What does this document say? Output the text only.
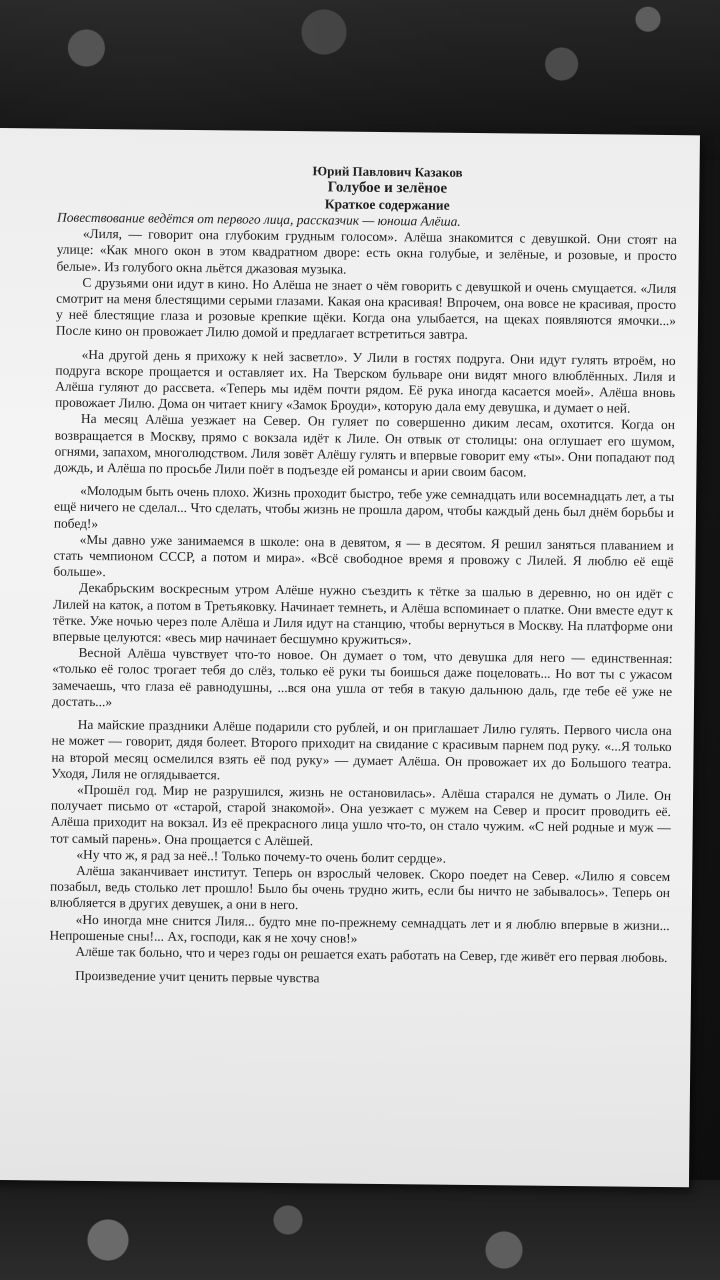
Юрий Павлович Казаков
Голубое и зелёное
Краткое содержание
Повествование ведётся от первого лица, рассказчик — юноша Алёша.

«Лиля, — говорит она глубоким грудным голосом». Алёша знакомится с девушкой. Они стоят на улице: «Как много окон в этом квадратном дворе: есть окна голубые, и зелёные, и розовые, и просто белые». Из голубого окна льётся джазовая музыка.

С друзьями они идут в кино. Но Алёша не знает о чём говорить с девушкой и очень смущается. «Лиля смотрит на меня блестящими серыми глазами. Какая она красивая! Впрочем, она вовсе не красивая, просто у неё блестящие глаза и розовые крепкие щёки. Когда она улыбается, на щеках появляются ямочки...» После кино он провожает Лилю домой и предлагает встретиться завтра.

«На другой день я прихожу к ней засветло». У Лили в гостях подруга. Они идут гулять втроём, но подруга вскоре прощается и оставляет их. На Тверском бульваре они видят много влюблённых. Лиля и Алёша гуляют до рассвета. «Теперь мы идём почти рядом. Её рука иногда касается моей». Алёша вновь провожает Лилю. Дома он читает книгу «Замок Броуди», которую дала ему девушка, и думает о ней.

На месяц Алёша уезжает на Север. Он гуляет по совершенно диким лесам, охотится. Когда он возвращается в Москву, прямо с вокзала идёт к Лиле. Он отвык от столицы: она оглушает его шумом, огнями, запахом, многолюдством. Лиля зовёт Алёшу гулять и впервые говорит ему «ты». Они попадают под дождь, и Алёша по просьбе Лили поёт в подъезде ей романсы и арии своим басом.

«Молодым быть очень плохо. Жизнь проходит быстро, тебе уже семнадцать или восемнадцать лет, а ты ещё ничего не сделал... Что сделать, чтобы жизнь не прошла даром, чтобы каждый день был днём борьбы и побед!»

«Мы давно уже занимаемся в школе: она в девятом, я — в десятом. Я решил заняться плаванием и стать чемпионом СССР, а потом и мира». «Всё свободное время я провожу с Лилей. Я люблю её ещё больше».

Декабрьским воскресным утром Алёше нужно съездить к тётке за шалью в деревню, но он идёт с Лилей на каток, а потом в Третьяковку. Начинает темнеть, и Алёша вспоминает о платке. Они вместе едут к тётке. Уже ночью через поле Алёша и Лиля идут на станцию, чтобы вернуться в Москву. На платформе они впервые целуются: «весь мир начинает бесшумно кружиться».

Весной Алёша чувствует что-то новое. Он думает о том, что девушка для него — единственная: «только её голос трогает тебя до слёз, только её руки ты боишься даже поцеловать... Но вот ты с ужасом замечаешь, что глаза её равнодушны, ...вся она ушла от тебя в такую дальнюю даль, где тебе её уже не достать...»

На майские праздники Алёше подарили сто рублей, и он приглашает Лилю гулять. Первого числа она не может — говорит, дядя болеет. Второго приходит на свидание с красивым парнем под руку. «...Я только на второй месяц осмелился взять её под руку» — думает Алёша. Он провожает их до Большого театра. Уходя, Лиля не оглядывается.

«Прошёл год. Мир не разрушился, жизнь не остановилась». Алёша старался не думать о Лиле. Он получает письмо от «старой, старой знакомой». Она уезжает с мужем на Север и просит проводить её. Алёша приходит на вокзал. Из её прекрасного лица ушло что-то, он стало чужим. «С ней родные и муж — тот самый парень». Она прощается с Алёшей.

«Ну что ж, я рад за неё..! Только почему-то очень болит сердце».

Алёша заканчивает институт. Теперь он взрослый человек. Скоро поедет на Север. «Лилю я совсем позабыл, ведь столько лет прошло! Было бы очень трудно жить, если бы ничто не забывалось». Теперь он влюбляется в других девушек, а они в него.

«Но иногда мне снится Лиля... будто мне по-прежнему семнадцать лет и я люблю впервые в жизни... Непрошеные сны!... Ах, господи, как я не хочу снов!»

Алёше так больно, что и через годы он решается ехать работать на Север, где живёт его первая любовь.

Произведение учит ценить первые чувства
